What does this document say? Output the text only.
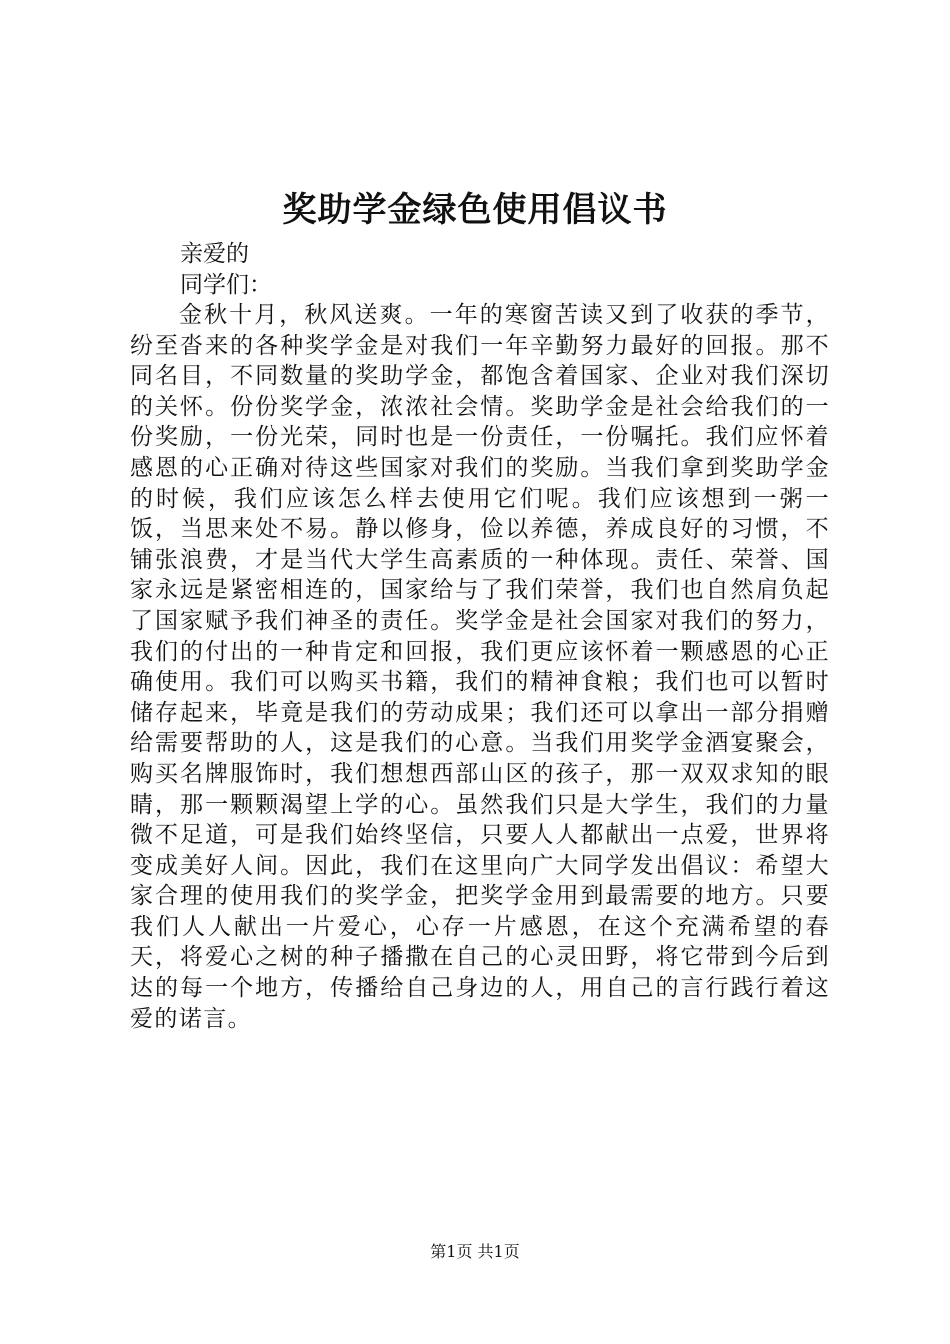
奖助学金绿色使用倡议书
亲爱的
同学们：
金秋十月，秋风送爽。一年的寒窗苦读又到了收获的季节，纷至沓来的各种奖学金是对我们一年辛勤努力最好的回报。那不同名目，不同数量的奖助学金，都饱含着国家、企业对我们深切的关怀。份份奖学金，浓浓社会情。奖助学金是社会给我们的一份奖励，一份光荣，同时也是一份责任，一份嘱托。我们应怀着感恩的心正确对待这些国家对我们的奖励。当我们拿到奖助学金的时候，我们应该怎么样去使用它们呢。我们应该想到一粥一饭，当思来处不易。静以修身，俭以养德，养成良好的习惯，不铺张浪费，才是当代大学生高素质的一种体现。责任、荣誉、国家永远是紧密相连的，国家给与了我们荣誉，我们也自然肩负起了国家赋予我们神圣的责任。奖学金是社会国家对我们的努力，我们的付出的一种肯定和回报，我们更应该怀着一颗感恩的心正确使用。我们可以购买书籍，我们的精神食粮；我们也可以暂时储存起来，毕竟是我们的劳动成果；我们还可以拿出一部分捐赠给需要帮助的人，这是我们的心意。当我们用奖学金酒宴聚会，购买名牌服饰时，我们想想西部山区的孩子，那一双双求知的眼睛，那一颗颗渴望上学的心。虽然我们只是大学生，我们的力量微不足道，可是我们始终坚信，只要人人都献出一点爱，世界将变成美好人间。因此，我们在这里向广大同学发出倡议：希望大家合理的使用我们的奖学金，把奖学金用到最需要的地方。只要我们人人献出一片爱心，心存一片感恩，在这个充满希望的春天，将爱心之树的种子播撒在自己的心灵田野，将它带到今后到达的每一个地方，传播给自己身边的人，用自己的言行践行着这爱的诺言。
第1页 共1页
